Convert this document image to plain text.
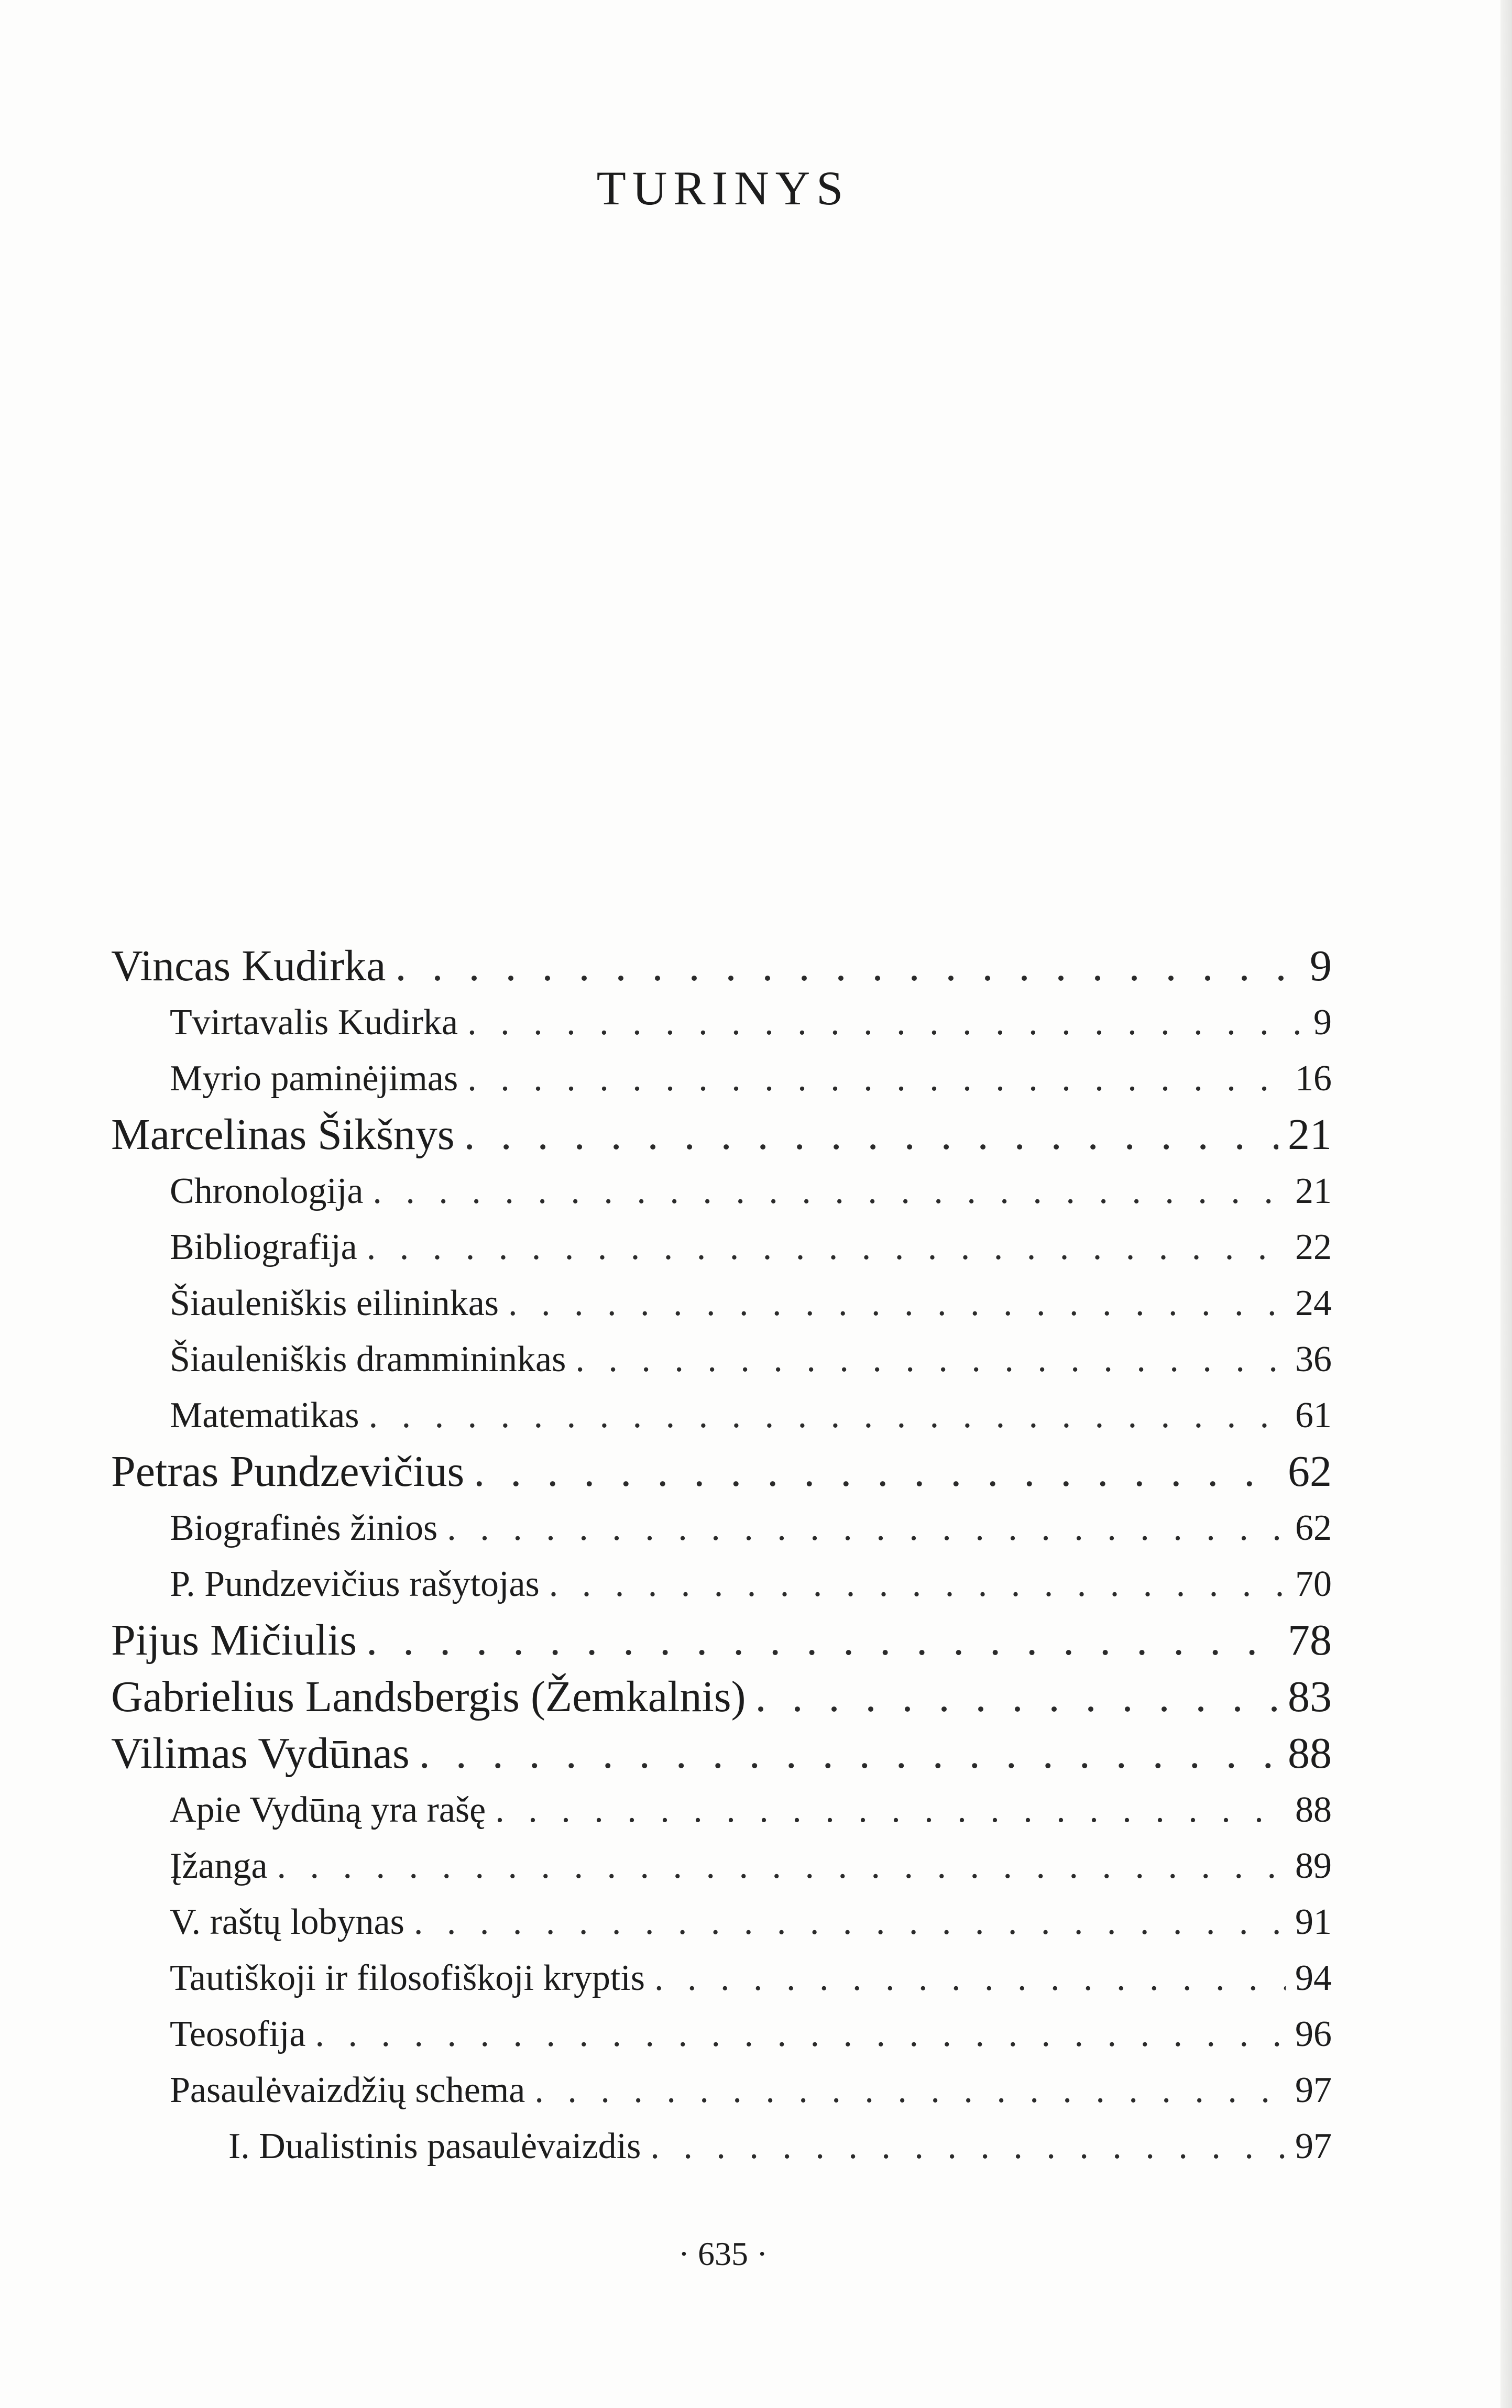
TURINYS
Vincas Kudirka . . .	9
Tvirtavalis Kudirka . . .	9
Myrio paminėjimas . . .	16
Marcelinas Šikšnys . . .	21
Chronologija . . .	21
Bibliografija . . .	22
Šiauleniškis eilininkas . . .	24
Šiauleniškis drammininkas . . .	36
Matematikas . . .	61
Petras Pundzevičius . . .	62
Biografinės žinios . . .	62
P. Pundzevičius rašytojas . . .	70
Pijus Mičiulis . . .	78
Gabrielius Landsbergis (Žemkalnis) . . .	83
Vilimas Vydūnas . . .	88
Apie Vydūną yra rašę . . .	88
Įžanga . . .	89
V. raštų lobynas . . .	91
Tautiškoji ir filosofiškoji kryptis . . .	94
Teosofija . . .	96
Pasaulėvaizdžių schema . . .	97
I. Dualistinis pasaulėvaizdis . . .	97
· 635 ·
